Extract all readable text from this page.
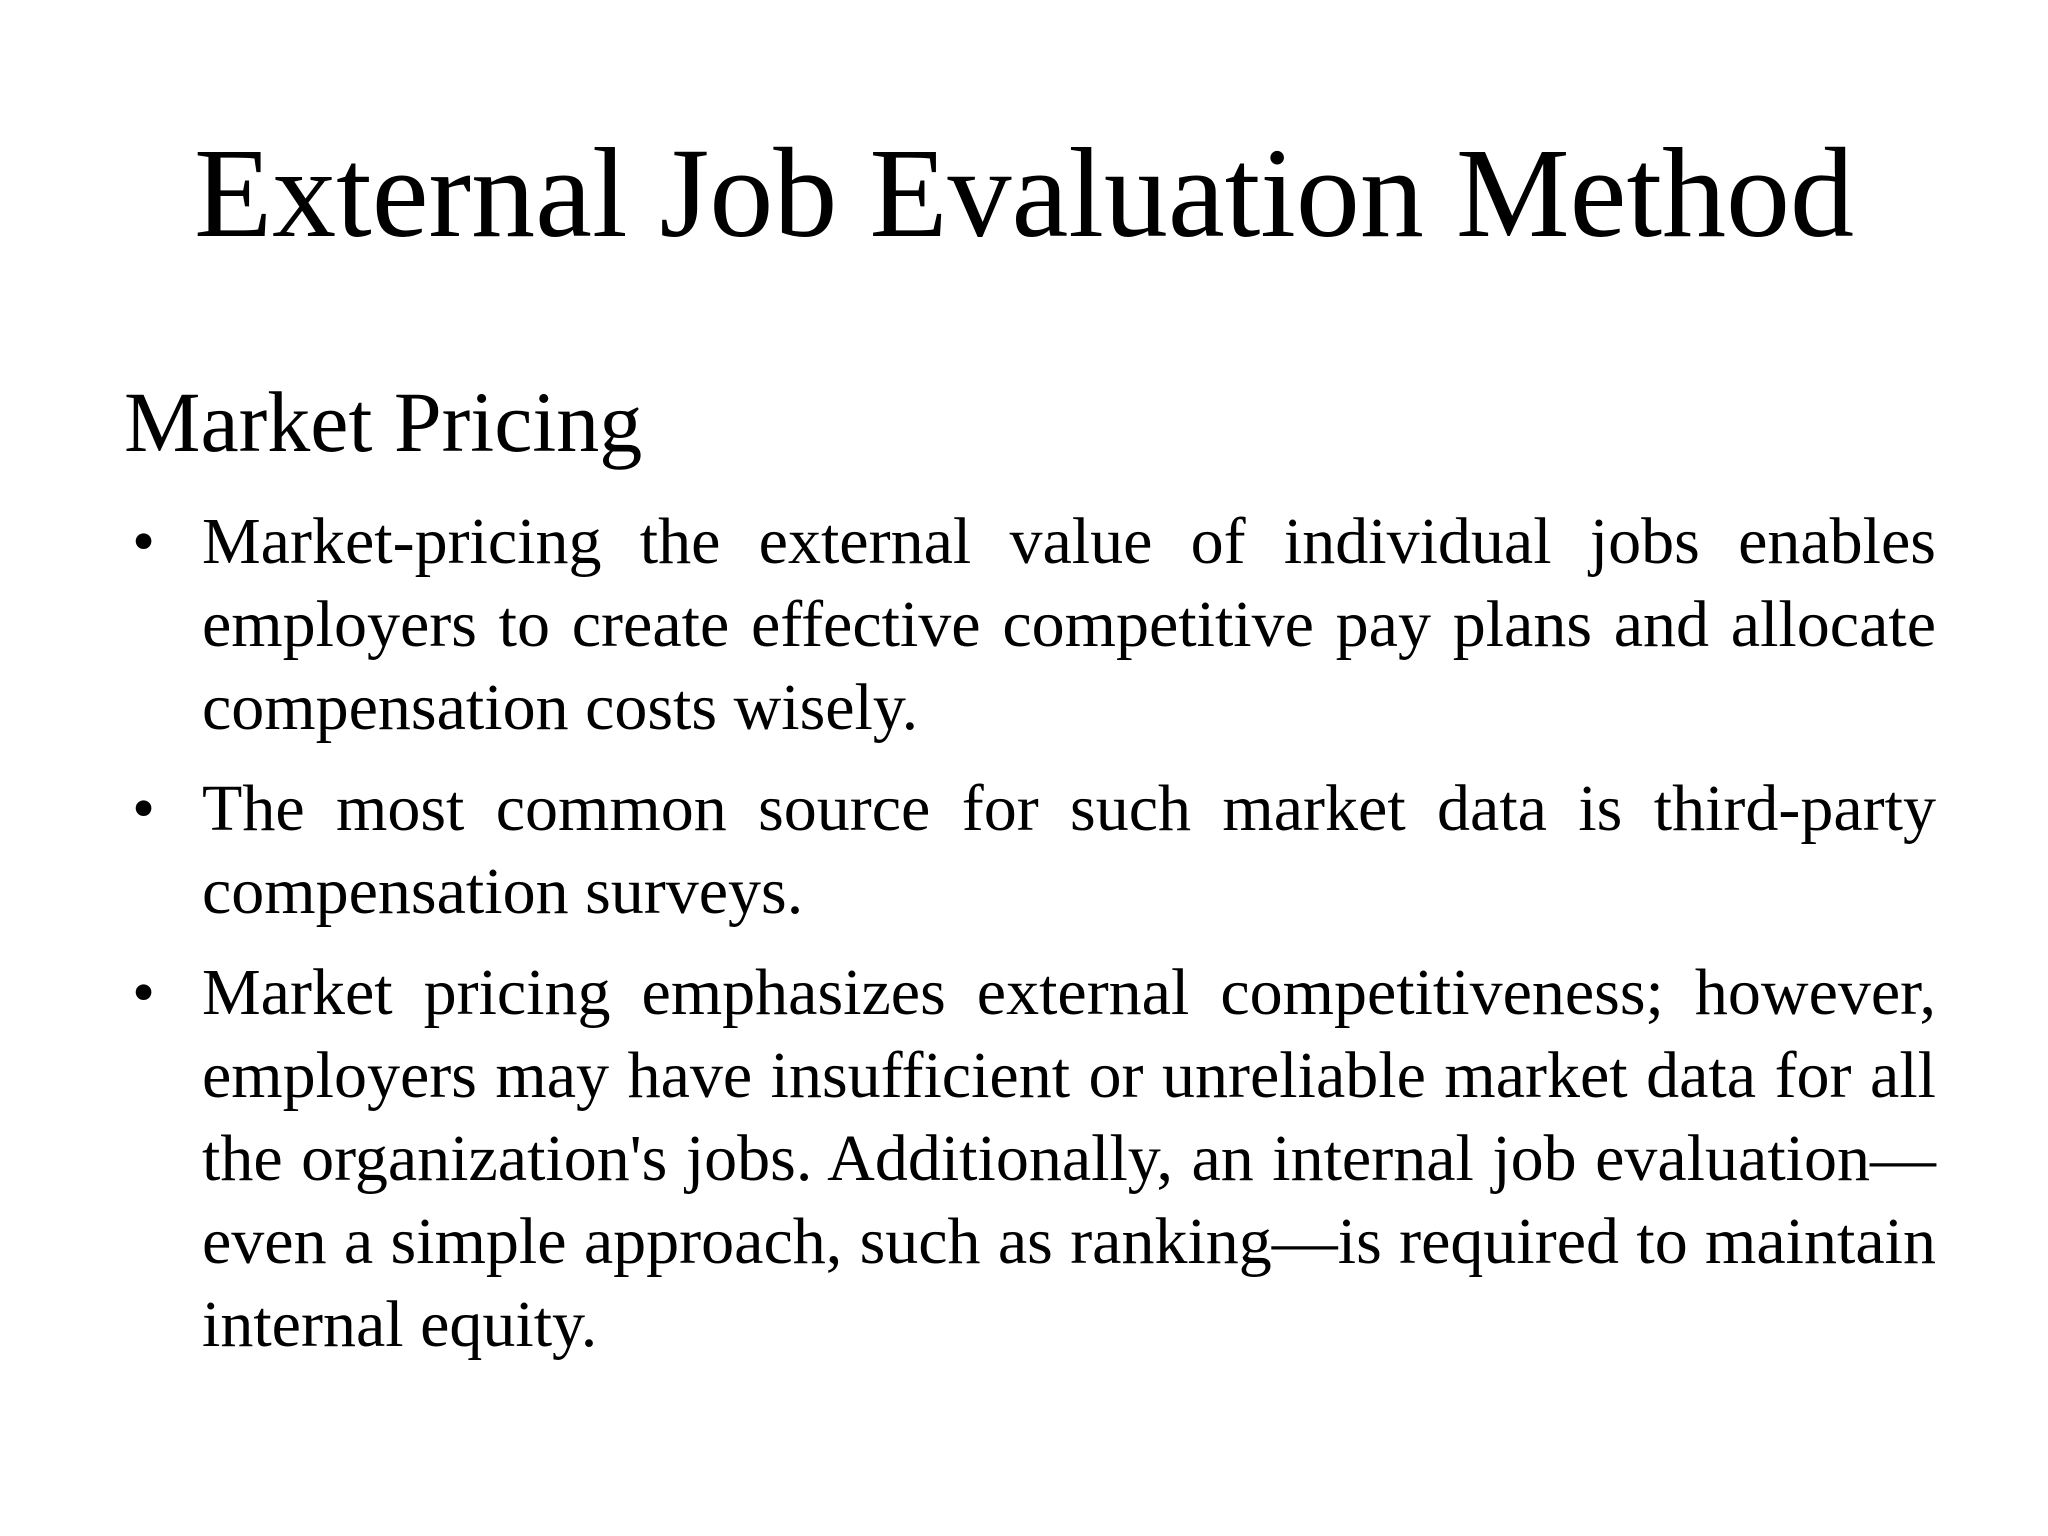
External Job Evaluation Method
Market Pricing
• Market-pricing the external value of individual jobs enables employers to create effective competitive pay plans and allocate compensation costs wisely.
• The most common source for such market data is third-party compensation surveys.
• Market pricing emphasizes external competitiveness; however, employers may have insufficient or unreliable market data for all the organization's jobs. Additionally, an internal job evaluation—even a simple approach, such as ranking—is required to maintain internal equity.
